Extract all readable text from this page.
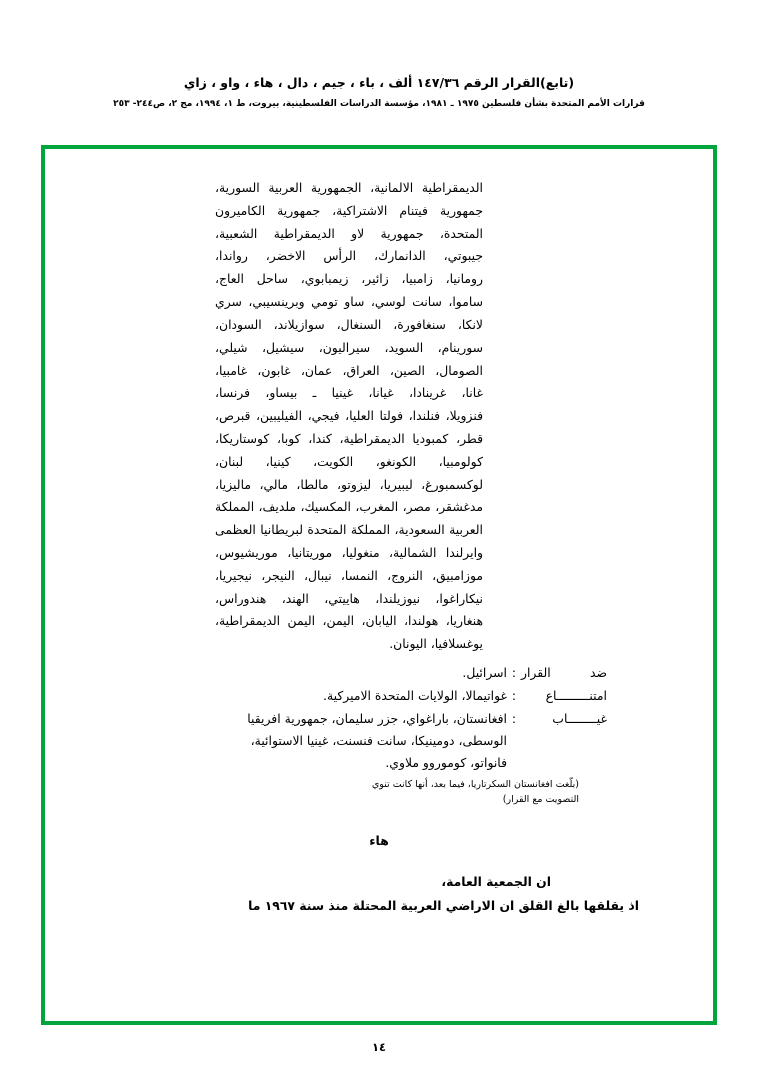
(تابع)القرار الرقم ١٤٧/٣٦ ألف ، باء ، جيم ، دال ، هاء ، واو ، زاي
قرارات الأمم المتحدة بشأن فلسطين ١٩٧٥ ـ ١٩٨١، مؤسسة الدراسات الفلسطينية، بيروت، ط ١، ١٩٩٤، مج ٢، ص٢٤٤- ٢٥٣
الديمقراطية الالمانية، الجمهورية العربية السورية،
جمهورية فيتنام الاشتراكية، جمهورية الكاميرون
المتحدة، جمهورية لاو الديمقراطية الشعبية،
جيبوتي، الدانمارك، الرأس الاخضر، رواندا،
رومانيا، زامبيا، زائير، زيمبابوي، ساحل العاج،
ساموا، سانت لوسي، ساو تومي وبرينسيبي، سري
لانكا، سنغافورة، السنغال، سوازيلاند، السودان،
سورينام، السويد، سيراليون، سيشيل، شيلي،
الصومال، الصين، العراق، عمان، غابون، غامبيا،
غانا، غرينادا، غيانا، غينيا ـ بيساو، فرنسا،
فنزويلا، فنلندا، فولتا العليا، فيجي، الفيليبين، قبرص،
قطر، كمبوديا الديمقراطية، كندا، كوبا، كوستاريكا،
كولومبيا، الكونغو، الكويت، كينيا، لبنان،
لوكسمبورغ، ليبيريا، ليزوتو، مالطا، مالي، ماليزيا،
مدغشقر، مصر، المغرب، المكسيك، ملديف، المملكة
العربية السعودية، المملكة المتحدة لبريطانيا العظمى
وايرلندا الشمالية، منغوليا، موريتانيا، موريشيوس،
موزامبيق، النروج، النمسا، نيبال، النيجر، نيجيريا،
نيكاراغوا، نيوزيلندا، هاييتي، الهند، هندوراس،
هنغاريا، هولندا، اليابان، اليمن، اليمن الديمقراطية،
يوغسلافيا، اليونان.
ضد القرار
:
اسرائيل.
امتنـــــــــاع
:
غواتيمالا، الولايات المتحدة الاميركية.
غيــــــــاب
:
افغانستان، باراغواي، جزر سليمان، جمهورية افريقيا
الوسطى، دومينيكا، سانت فنسنت، غينيا الاستوائية،
فانواتو، كوموروو ملاوي.
(بلّغت افغانستان السكرتاريا، فيما بعد، أنها كانت تنوي
التصويت مع القرار)
هاء
ان الجمعية العامة،
اذ يقلقها بالغ القلق ان الاراضي العربية المحتلة منذ سنة ١٩٦٧ ما
١٤
